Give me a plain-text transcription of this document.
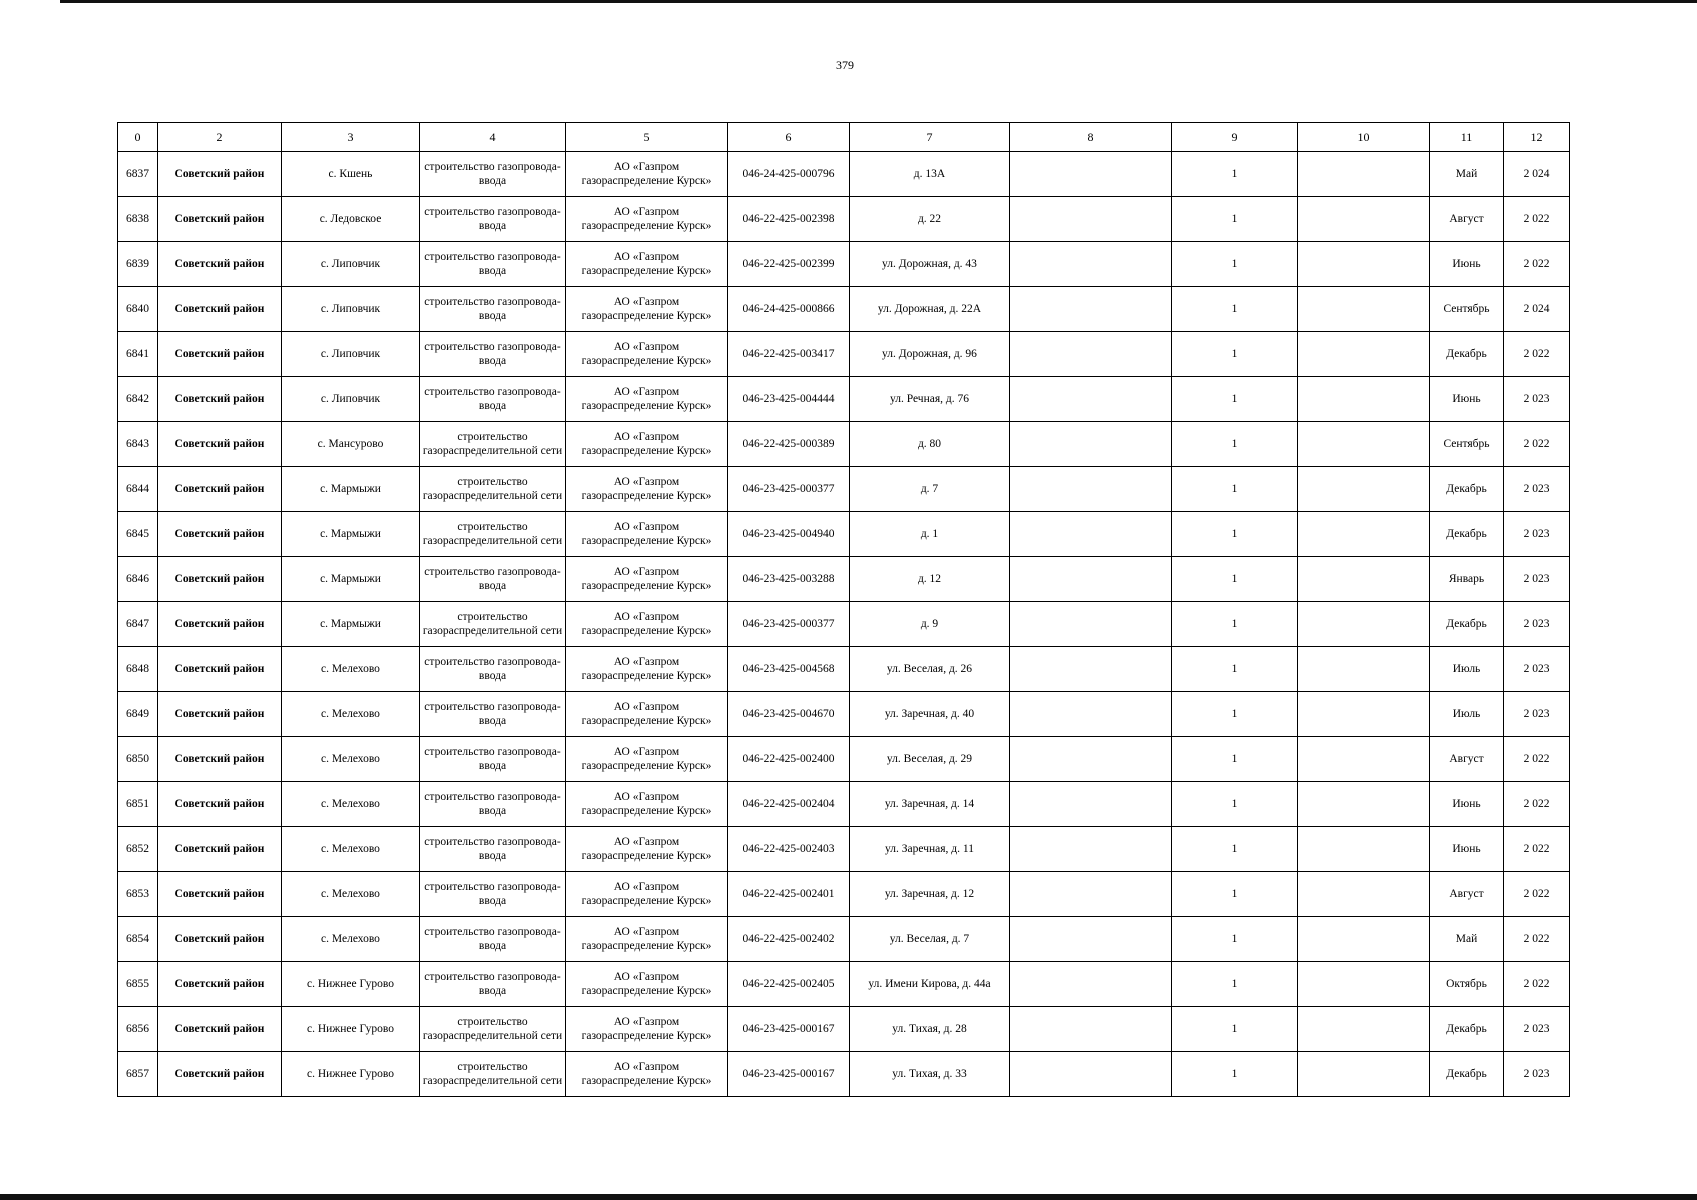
379
0	2	3	4	5	6	7	8	9	10	11	12
6837	Советский район	с. Кшень	строительство газопровода-ввода	АО «Газпром газораспределение Курск»	046-24-425-000796	д. 13А		1		Май	2 024
6838	Советский район	с. Ледовское	строительство газопровода-ввода	АО «Газпром газораспределение Курск»	046-22-425-002398	д. 22		1		Август	2 022
6839	Советский район	с. Липовчик	строительство газопровода-ввода	АО «Газпром газораспределение Курск»	046-22-425-002399	ул. Дорожная, д. 43		1		Июнь	2 022
6840	Советский район	с. Липовчик	строительство газопровода-ввода	АО «Газпром газораспределение Курск»	046-24-425-000866	ул. Дорожная, д. 22А		1		Сентябрь	2 024
6841	Советский район	с. Липовчик	строительство газопровода-ввода	АО «Газпром газораспределение Курск»	046-22-425-003417	ул. Дорожная, д. 96		1		Декабрь	2 022
6842	Советский район	с. Липовчик	строительство газопровода-ввода	АО «Газпром газораспределение Курск»	046-23-425-004444	ул. Речная, д. 76		1		Июнь	2 023
6843	Советский район	с. Мансурово	строительство газораспределительной сети	АО «Газпром газораспределение Курск»	046-22-425-000389	д. 80		1		Сентябрь	2 022
6844	Советский район	с. Мармыжи	строительство газораспределительной сети	АО «Газпром газораспределение Курск»	046-23-425-000377	д. 7		1		Декабрь	2 023
6845	Советский район	с. Мармыжи	строительство газораспределительной сети	АО «Газпром газораспределение Курск»	046-23-425-004940	д. 1		1		Декабрь	2 023
6846	Советский район	с. Мармыжи	строительство газопровода-ввода	АО «Газпром газораспределение Курск»	046-23-425-003288	д. 12		1		Январь	2 023
6847	Советский район	с. Мармыжи	строительство газораспределительной сети	АО «Газпром газораспределение Курск»	046-23-425-000377	д. 9		1		Декабрь	2 023
6848	Советский район	с. Мелехово	строительство газопровода-ввода	АО «Газпром газораспределение Курск»	046-23-425-004568	ул. Веселая, д. 26		1		Июль	2 023
6849	Советский район	с. Мелехово	строительство газопровода-ввода	АО «Газпром газораспределение Курск»	046-23-425-004670	ул. Заречная, д. 40		1		Июль	2 023
6850	Советский район	с. Мелехово	строительство газопровода-ввода	АО «Газпром газораспределение Курск»	046-22-425-002400	ул. Веселая, д. 29		1		Август	2 022
6851	Советский район	с. Мелехово	строительство газопровода-ввода	АО «Газпром газораспределение Курск»	046-22-425-002404	ул. Заречная, д. 14		1		Июнь	2 022
6852	Советский район	с. Мелехово	строительство газопровода-ввода	АО «Газпром газораспределение Курск»	046-22-425-002403	ул. Заречная, д. 11		1		Июнь	2 022
6853	Советский район	с. Мелехово	строительство газопровода-ввода	АО «Газпром газораспределение Курск»	046-22-425-002401	ул. Заречная, д. 12		1		Август	2 022
6854	Советский район	с. Мелехово	строительство газопровода-ввода	АО «Газпром газораспределение Курск»	046-22-425-002402	ул. Веселая, д. 7		1		Май	2 022
6855	Советский район	с. Нижнее Гурово	строительство газопровода-ввода	АО «Газпром газораспределение Курск»	046-22-425-002405	ул. Имени Кирова, д. 44а		1		Октябрь	2 022
6856	Советский район	с. Нижнее Гурово	строительство газораспределительной сети	АО «Газпром газораспределение Курск»	046-23-425-000167	ул. Тихая, д. 28		1		Декабрь	2 023
6857	Советский район	с. Нижнее Гурово	строительство газораспределительной сети	АО «Газпром газораспределение Курск»	046-23-425-000167	ул. Тихая, д. 33		1		Декабрь	2 023
